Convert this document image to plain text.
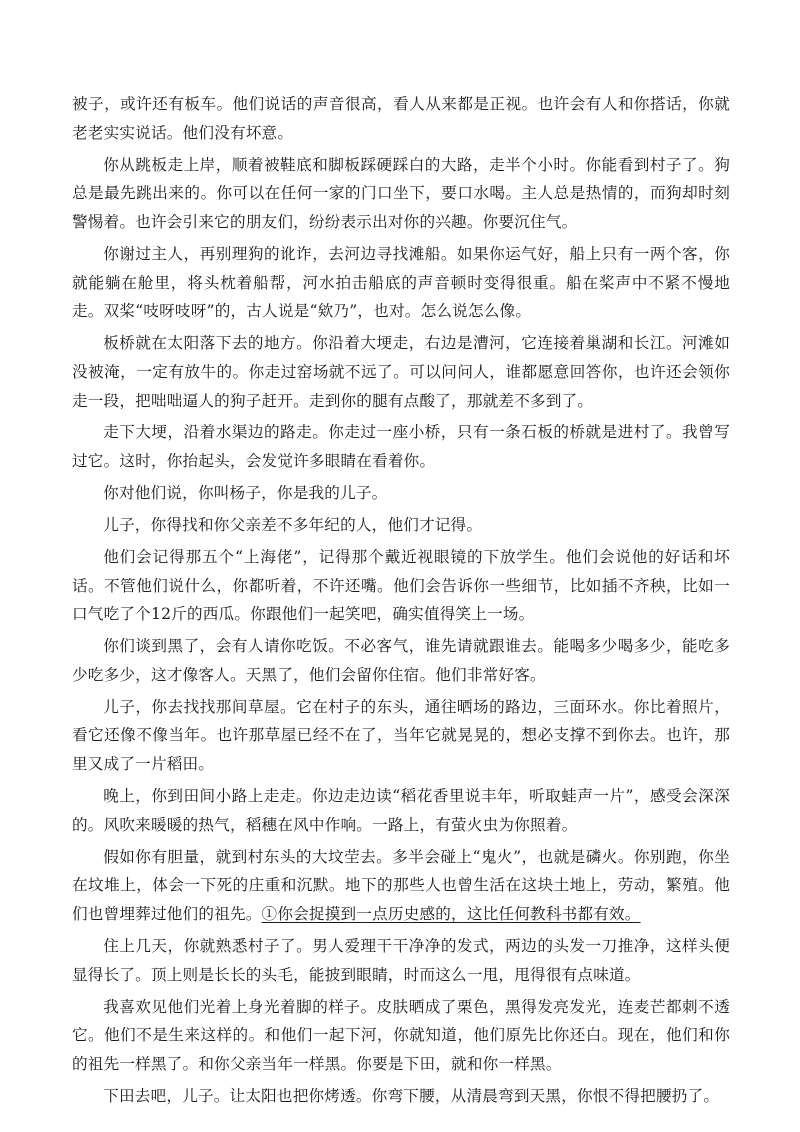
被子，或许还有板车。他们说话的声音很高，看人从来都是正视。也许会有人和你搭话，你就老老实实说话。他们没有坏意。

你从跳板走上岸，顺着被鞋底和脚板踩硬踩白的大路，走半个小时。你能看到村子了。狗总是最先跳出来的。你可以在任何一家的门口坐下，要口水喝。主人总是热情的，而狗却时刻警惕着。也许会引来它的朋友们，纷纷表示出对你的兴趣。你要沉住气。

你谢过主人，再别理狗的讹诈，去河边寻找滩船。如果你运气好，船上只有一两个客，你就能躺在舱里，将头枕着船帮，河水拍击船底的声音顿时变得很重。船在桨声中不紧不慢地走。双桨“吱呀吱呀”的，古人说是“欸乃”，也对。怎么说怎么像。

板桥就在太阳落下去的地方。你沿着大埂走，右边是漕河，它连接着巢湖和长江。河滩如没被淹，一定有放牛的。你走过窑场就不远了。可以问问人，谁都愿意回答你，也许还会领你走一段，把咄咄逼人的狗子赶开。走到你的腿有点酸了，那就差不多到了。

走下大埂，沿着水渠边的路走。你走过一座小桥，只有一条石板的桥就是进村了。我曾写过它。这时，你抬起头，会发觉许多眼睛在看着你。

你对他们说，你叫杨子，你是我的儿子。

儿子，你得找和你父亲差不多年纪的人，他们才记得。

他们会记得那五个“上海佬”，记得那个戴近视眼镜的下放学生。他们会说他的好话和坏话。不管他们说什么，你都听着，不许还嘴。他们会告诉你一些细节，比如插不齐秧，比如一口气吃了个12斤的西瓜。你跟他们一起笑吧，确实值得笑上一场。

你们谈到黑了，会有人请你吃饭。不必客气，谁先请就跟谁去。能喝多少喝多少，能吃多少吃多少，这才像客人。天黑了，他们会留你住宿。他们非常好客。

儿子，你去找找那间草屋。它在村子的东头，通往晒场的路边，三面环水。你比着照片，看它还像不像当年。也许那草屋已经不在了，当年它就晃晃的，想必支撑不到你去。也许，那里又成了一片稻田。

晚上，你到田间小路上走走。你边走边读“稻花香里说丰年，听取蛙声一片”，感受会深深的。风吹来暖暖的热气，稻穗在风中作响。一路上，有萤火虫为你照着。

假如你有胆量，就到村东头的大坟茔去。多半会碰上“鬼火”，也就是磷火。你别跑，你坐在坟堆上，体会一下死的庄重和沉默。地下的那些人也曾生活在这块土地上，劳动，繁殖。他们也曾埋葬过他们的祖先。①你会捉摸到一点历史感的，这比任何教科书都有效。

住上几天，你就熟悉村子了。男人爱理干干净净的发式，两边的头发一刀推净，这样头便显得长了。顶上则是长长的头毛，能披到眼睛，时而这么一甩，甩得很有点味道。

我喜欢见他们光着上身光着脚的样子。皮肤晒成了栗色，黑得发亮发光，连麦芒都刺不透它。他们不是生来这样的。和他们一起下河，你就知道，他们原先比你还白。现在，他们和你的祖先一样黑了。和你父亲当年一样黑。你要是下田，就和你一样黑。

下田去吧，儿子。让太阳也把你烤透。你弯下腰，从清晨弯到天黑，你恨不得把腰扔了。
